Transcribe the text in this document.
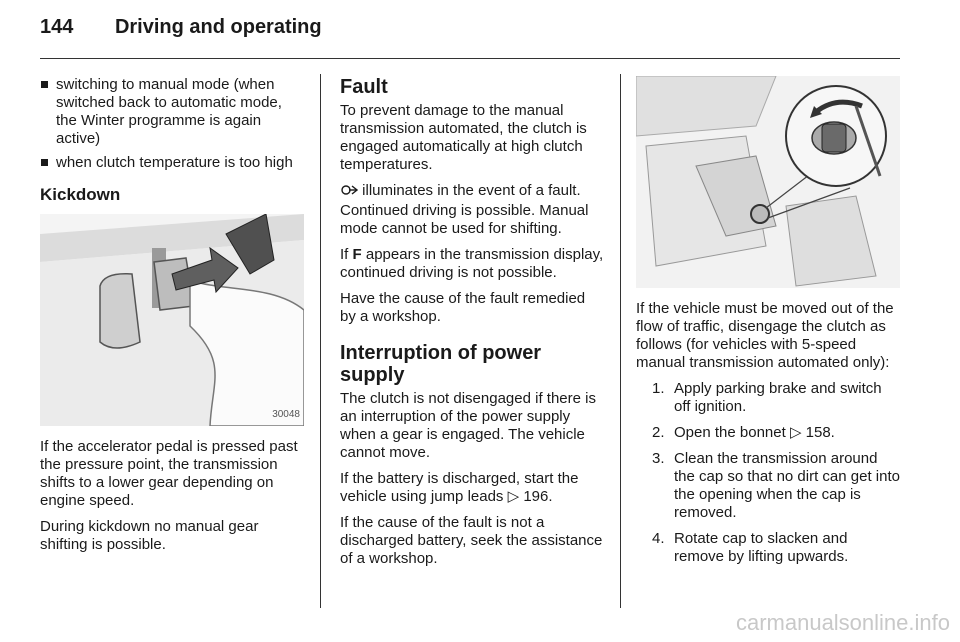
144 Driving and operating
switching to manual mode (when switched back to automatic mode, the Winter programme is again active)
when clutch temperature is too high
Kickdown
30048

If the accelerator pedal is pressed past the pressure point, the transmission shifts to a lower gear depending on engine speed.

During kickdown no manual gear shifting is possible.

Fault

To prevent damage to the manual transmission automated, the clutch is engaged automatically at high clutch temperatures.

illuminates in the event of a fault. Continued driving is possible. Manual mode cannot be used for shifting.

If F appears in the transmission display, continued driving is not possible.

Have the cause of the fault remedied by a workshop.

Interruption of power supply

The clutch is not disengaged if there is an interruption of the power supply when a gear is engaged. The vehicle cannot move.

If the battery is discharged, start the vehicle using jump leads ▷ 196.

If the cause of the fault is not a discharged battery, seek the assistance of a workshop.

If the vehicle must be moved out of the flow of traffic, disengage the clutch as follows (for vehicles with 5-speed manual transmission automated only):

1. Apply parking brake and switch off ignition.
2. Open the bonnet ▷ 158.
3. Clean the transmission around the cap so that no dirt can get into the opening when the cap is removed.
4. Rotate cap to slacken and remove by lifting upwards.
carmanualsonline.info
